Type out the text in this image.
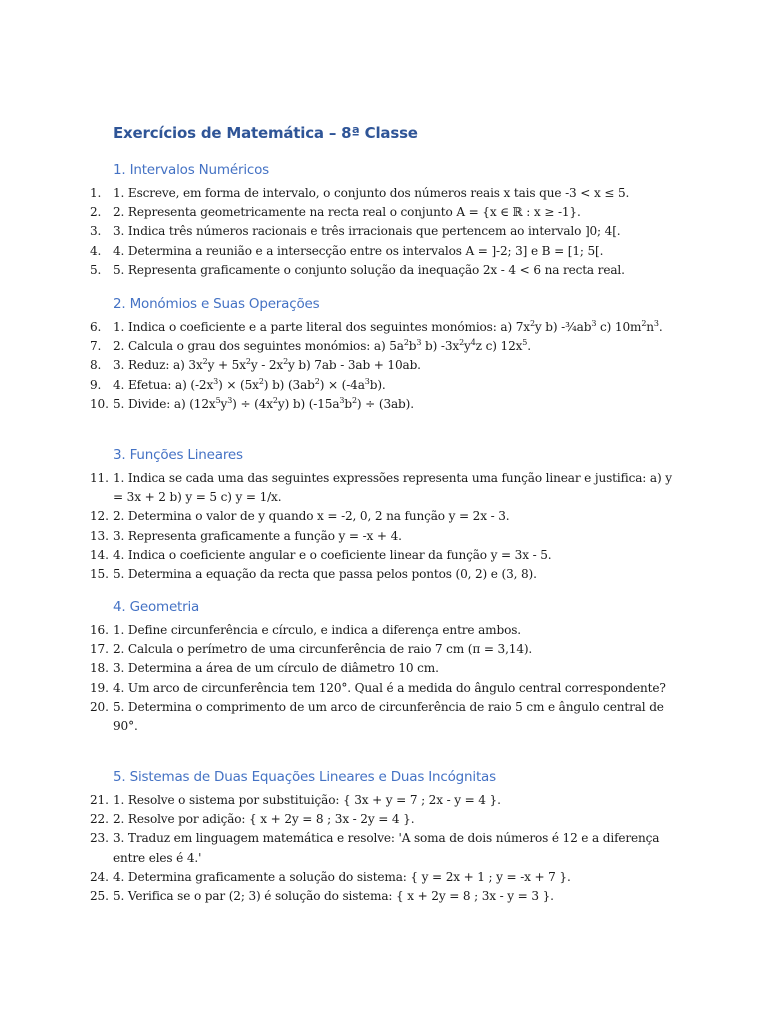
Exercícios de Matemática – 8ª Classe
1. Intervalos Numéricos
1. 1. Escreve, em forma de intervalo, o conjunto dos números reais x tais que -3 < x ≤ 5.
2. 2. Representa geometricamente na recta real o conjunto A = {x ∈ ℝ : x ≥ -1}.
3. 3. Indica três números racionais e três irracionais que pertencem ao intervalo ]0; 4[.
4. 4. Determina a reunião e a intersecção entre os intervalos A = ]-2; 3] e B = [1; 5[.
5. 5. Representa graficamente o conjunto solução da inequação 2x - 4 < 6 na recta real.
2. Monómios e Suas Operações
6. 1. Indica o coeficiente e a parte literal dos seguintes monómios: a) $7x^2y$ b) $-\frac{3}{4}ab^3$ c) $10m^2n^3$.
7. 2. Calcula o grau dos seguintes monómios: a) $5a^2b^3$ b) $-3x^2y^4z$ c) $12x^5$.
8. 3. Reduz: a) $3x^2y + 5x^2y - 2x^2y$ b) 7ab - 3ab + 10ab.
9. 4. Efetua: a) $(-2x^3) \times (5x^2)$ b) $(3ab^2) \times (-4a^3b)$.
10. 5. Divide: a) $(12x^5y^3) \div (4x^2y)$ b) $(-15a^3b^2) \div (3ab)$.
3. Funções Lineares
11. 1. Indica se cada uma das seguintes expressões representa uma função linear e justifica: a) y = 3x + 2 b) y = 5 c) y = 1/x.
12. 2. Determina o valor de y quando x = -2, 0, 2 na função y = 2x - 3.
13. 3. Representa graficamente a função y = -x + 4.
14. 4. Indica o coeficiente angular e o coeficiente linear da função y = 3x - 5.
15. 5. Determina a equação da recta que passa pelos pontos (0, 2) e (3, 8).
4. Geometria
16. 1. Define circunferência e círculo, e indica a diferença entre ambos.
17. 2. Calcula o perímetro de uma circunferência de raio 7 cm (π = 3,14).
18. 3. Determina a área de um círculo de diâmetro 10 cm.
19. 4. Um arco de circunferência tem 120°. Qual é a medida do ângulo central correspondente?
20. 5. Determina o comprimento de um arco de circunferência de raio 5 cm e ângulo central de 90°.
5. Sistemas de Duas Equações Lineares e Duas Incógnitas
21. 1. Resolve o sistema por substituição: { 3x + y = 7 ; 2x - y = 4 }.
22. 2. Resolve por adição: { x + 2y = 8 ; 3x - 2y = 4 }.
23. 3. Traduz em linguagem matemática e resolve: 'A soma de dois números é 12 e a diferença entre eles é 4.'
24. 4. Determina graficamente a solução do sistema: { y = 2x + 1 ; y = -x + 7 }.
25. 5. Verifica se o par (2; 3) é solução do sistema: { x + 2y = 8 ; 3x - y = 3 }.
